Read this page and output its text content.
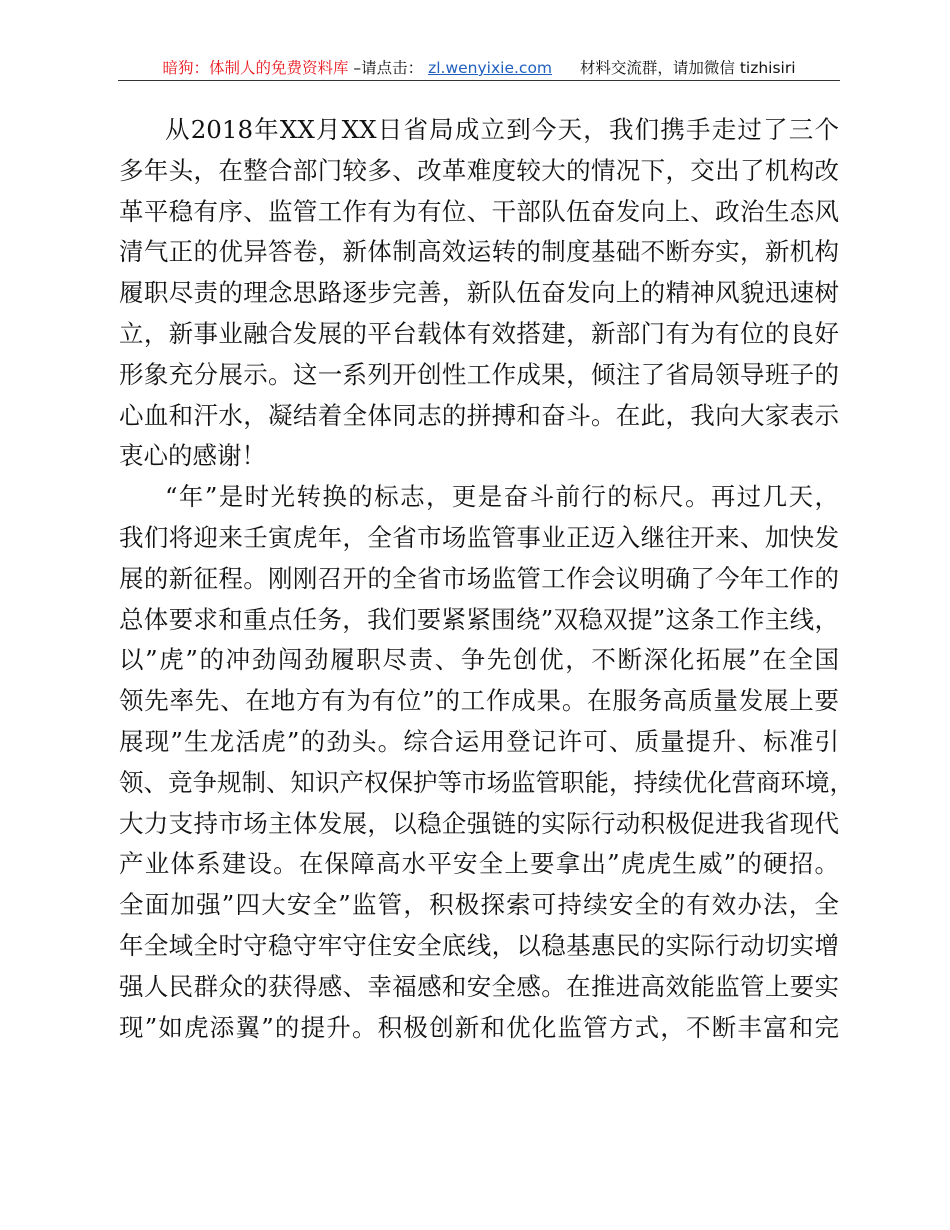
暗狗：体制人的免费资料库 –请点击： zl.wenyixie.com 材料交流群，请加微信 tizhisiri
从2018年XX月XX日省局成立到今天，我们携手走过了三个
多年头，在整合部门较多、改革难度较大的情况下，交出了机构改
革平稳有序、监管工作有为有位、干部队伍奋发向上、政治生态风
清气正的优异答卷，新体制高效运转的制度基础不断夯实，新机构
履职尽责的理念思路逐步完善，新队伍奋发向上的精神风貌迅速树
立，新事业融合发展的平台载体有效搭建，新部门有为有位的良好
形象充分展示。这一系列开创性工作成果，倾注了省局领导班子的
心血和汗水，凝结着全体同志的拼搏和奋斗。在此，我向大家表示
衷心的感谢！
“年”是时光转换的标志，更是奋斗前行的标尺。再过几天，
我们将迎来壬寅虎年，全省市场监管事业正迈入继往开来、加快发
展的新征程。刚刚召开的全省市场监管工作会议明确了今年工作的
总体要求和重点任务，我们要紧紧围绕”双稳双提”这条工作主线，
以”虎”的冲劲闯劲履职尽责、争先创优，不断深化拓展”在全国
领先率先、在地方有为有位”的工作成果。在服务高质量发展上要
展现”生龙活虎”的劲头。综合运用登记许可、质量提升、标准引
领、竞争规制、知识产权保护等市场监管职能，持续优化营商环境，
大力支持市场主体发展，以稳企强链的实际行动积极促进我省现代
产业体系建设。在保障高水平安全上要拿出”虎虎生威”的硬招。
全面加强”四大安全”监管，积极探索可持续安全的有效办法，全
年全域全时守稳守牢守住安全底线，以稳基惠民的实际行动切实增
强人民群众的获得感、幸福感和安全感。在推进高效能监管上要实
现”如虎添翼”的提升。积极创新和优化监管方式，不断丰富和完
